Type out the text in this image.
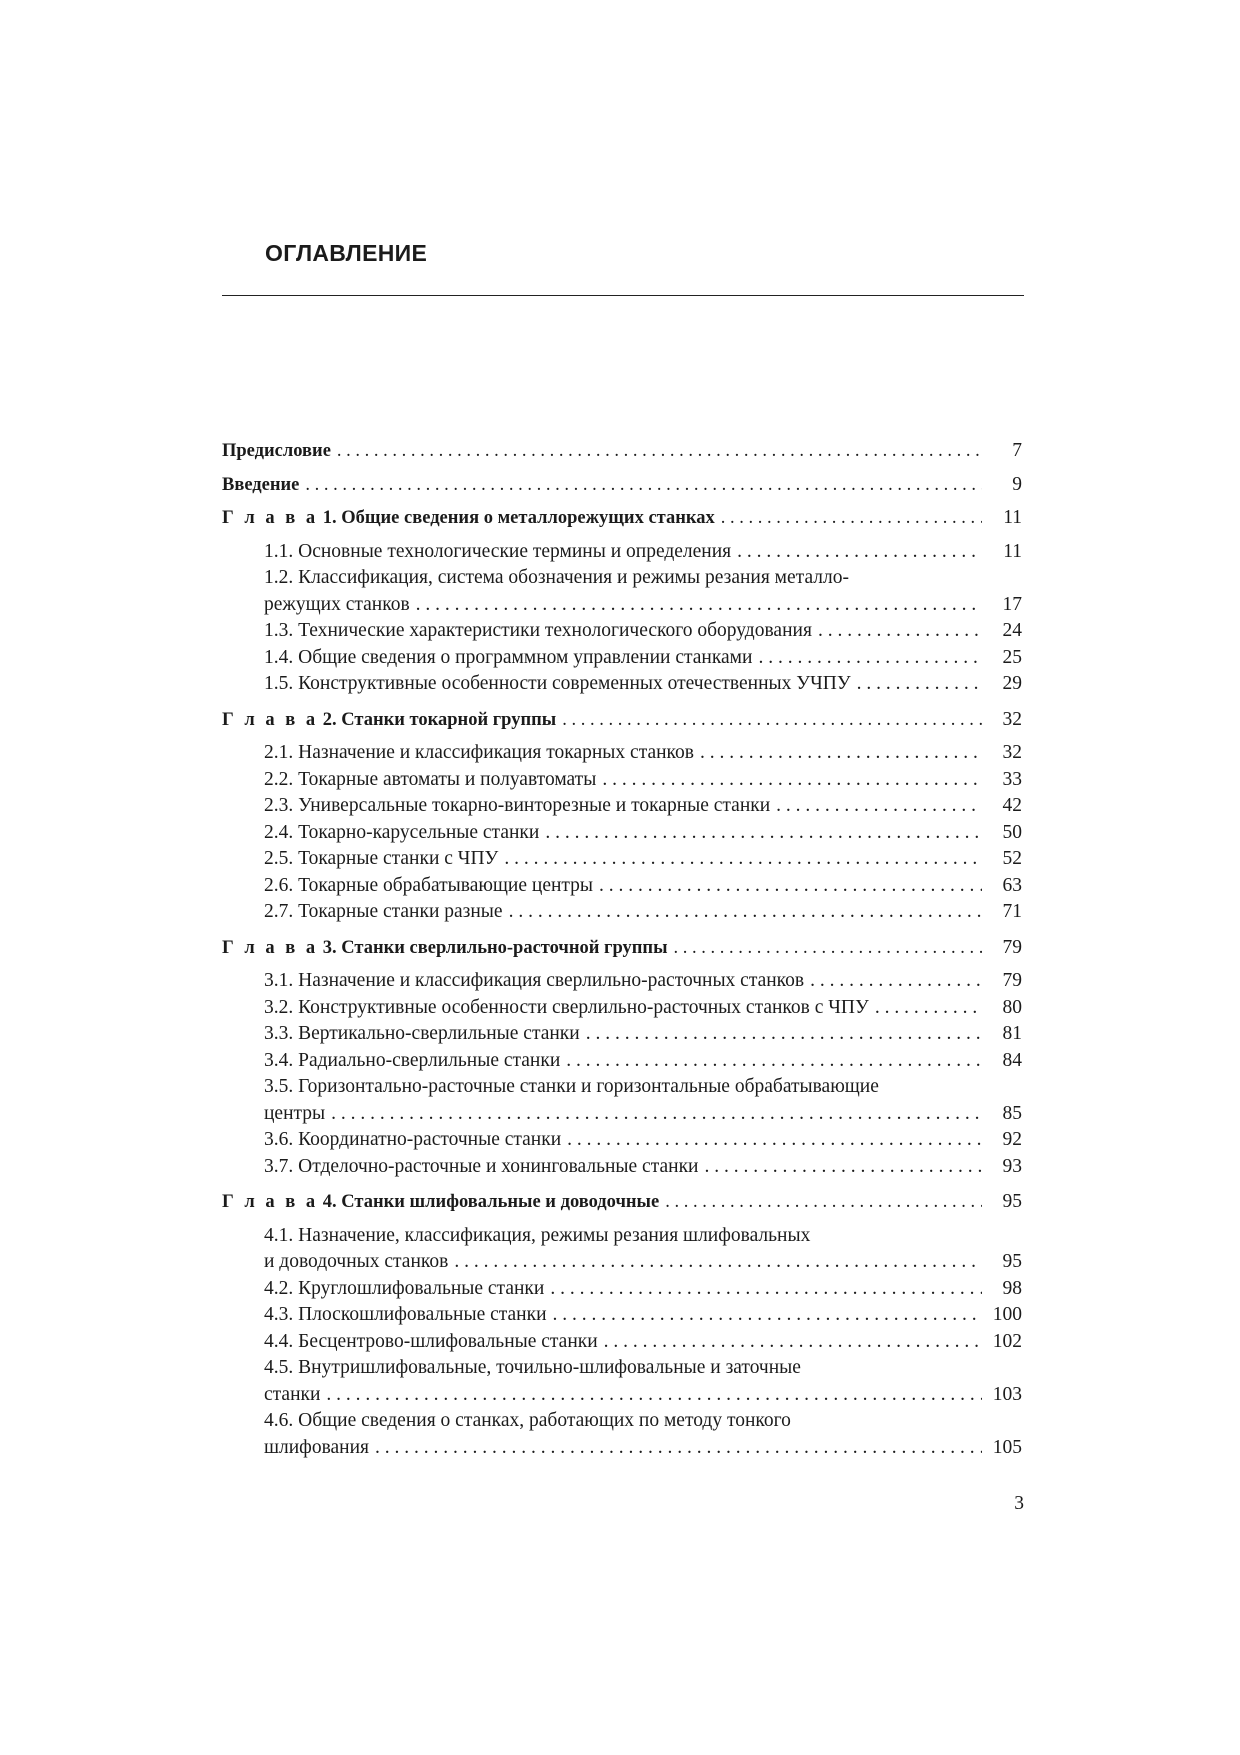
ОГЛАВЛЕНИЕ
Предисловие . . .	7
Введение . . .	9
Г л а в а 1. Общие сведения о металлорежущих станках . . .	11
1.1. Основные технологические термины и определения . . .	11
1.2. Классификация, система обозначения и режимы резания металло-
режущих станков . . .	17
1.3. Технические характеристики технологического оборудования . . .	24
1.4. Общие сведения о программном управлении станками . . .	25
1.5. Конструктивные особенности современных отечественных УЧПУ . . .	29
Г л а в а 2. Станки токарной группы . . .	32
2.1. Назначение и классификация токарных станков . . .	32
2.2. Токарные автоматы и полуавтоматы . . .	33
2.3. Универсальные токарно-винторезные и токарные станки . . .	42
2.4. Токарно-карусельные станки . . .	50
2.5. Токарные станки с ЧПУ . . .	52
2.6. Токарные обрабатывающие центры . . .	63
2.7. Токарные станки разные . . .	71
Г л а в а 3. Станки сверлильно-расточной группы . . .	79
3.1. Назначение и классификация сверлильно-расточных станков . . .	79
3.2. Конструктивные особенности сверлильно-расточных станков с ЧПУ . . .	80
3.3. Вертикально-сверлильные станки . . .	81
3.4. Радиально-сверлильные станки . . .	84
3.5. Горизонтально-расточные станки и горизонтальные обрабатывающие
центры . . .	85
3.6. Координатно-расточные станки . . .	92
3.7. Отделочно-расточные и хонинговальные станки . . .	93
Г л а в а 4. Станки шлифовальные и доводочные . . .	95
4.1. Назначение, классификация, режимы резания шлифовальных
и доводочных станков . . .	95
4.2. Круглошлифовальные станки . . .	98
4.3. Плоскошлифовальные станки . . .	100
4.4. Бесцентрово-шлифовальные станки . . .	102
4.5. Внутришлифовальные, точильно-шлифовальные и заточные
станки . . .	103
4.6. Общие сведения о станках, работающих по методу тонкого
шлифования . . .	105
3
